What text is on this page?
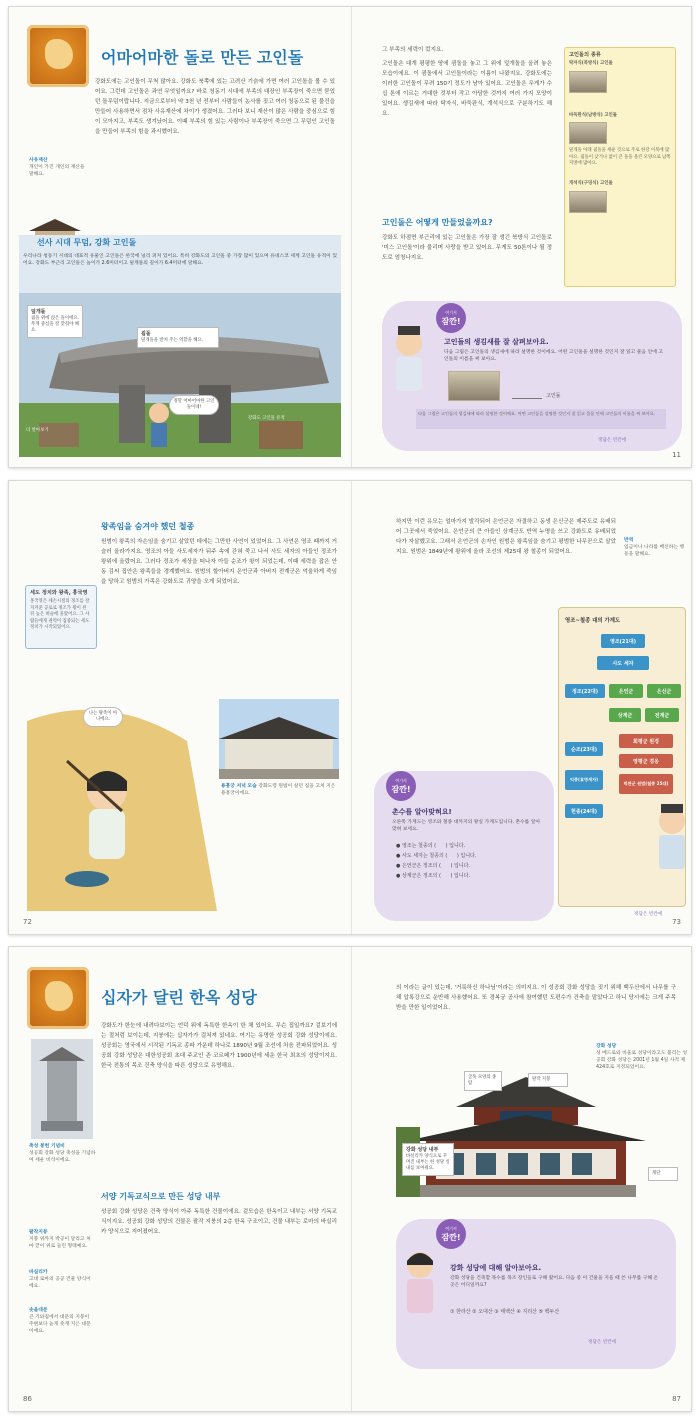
어마어마한 돌로 만든 고인돌
강화도에는 고인돌이 무척 많아요. 강화도 북쪽에 있는 고려산 기슭에 가면 여러 고인돌을 볼 수 있어요. 그런데 고인돌은 과연 무엇일까요? 바로 청동기 시대에 부족의 대장인 부족장이 죽으면 묻었던 돌무덤이랍니다. 지금으로부터 약 3천 년 전부터 사람들이 농사를 짓고 여러 청동으로 된 물건을 만들어 사용하면서 점차 사유재산에 차이가 생겼어요. 그러다 보니 재산이 많은 사람을 중심으로 힘이 모아지고, 부족도 생겨났어요. 이때 부족의 힘 있는 사람이나 부족장이 죽으면 그 무덤인 고인돌을 만들어 부족의 힘을 과시했어요.
사유재산
개인이 가진 개인의 재산을 말해요.
선사 시대 무덤, 강화 고인돌
우리나라 청동기 시대의 대표적 유물인 고인돌은 한국에 널리 퍼져 있어요. 특히 강화도의 고인돌 중 가장 많이 있으며 유네스코 세계 고인돌 유적이 있어요. 강화도 부근리 고인돌은 높이가 2.6미터이고 덮개돌의 길이가 6.4미터에 달해요.
덮개돌
굄돌 위에 얹은 돌이에요. 무게 중심을 잘 맞춰야 해요.
굄돌
덮개돌을 받쳐 주는 역할을 해요.
정말 어마어마한 고인돌이네!
더 알아보기
강화도 고인돌 유적
그 부족의 세력이 컸지요.
고인돌은 대개 평평한 땅에 굄돌을 놓고 그 위에 덮개돌을 올려 놓은 모습이에요. 이 굄돌에서 고인돌이라는 이름이 나왔지요. 강화도에는 이러한 고인돌이 무려 150기 정도가 남아 있어요. 고인돌은 무게가 수십 톤에 이르는 거대한 것부터 작고 아담한 것까지 여러 가지 모양이 있어요. 생김새에 따라 탁자식, 바둑판식, 개석식으로 구분하기도 해요.
고인돌은 어떻게 만들었을까요?
강화도 하점면 부근리에 있는 고인돌은 가장 잘 생긴 북방식 고인돌로 '미스 고인돌'이라 불리며 사랑을 받고 있어요. 무게도 50톤이나 될 정도로 엄청나지요.
고인돌의 종류
탁자식(북방식) 고인돌
바둑판식(남방식) 고인돌
덮개돌 아래 굄돌을 세운 것으로 주로 한강 이북에 많아요. 굄돌이 낮거나 없이 큰 돌을 올린 모양으로 남쪽 지방에 많아요.
개석식(구덩식) 고인돌
여기서
잠깐!
고인돌의 생김새를 잘 살펴보아요.
다음 그림은 고인돌의 생김새에 따라 설명한 것이에요. 어떤 고인돌을 설명한 것인지 잘 읽고 물음 안에 고인돌의 이름을 써 보아요.
고인돌
다음 그림은 고인돌의 생김새에 따라 설명한 것이에요. 어떤 고인돌을 설명한 것인지 잘 읽고 물음 안에 고인돌의 이름을 써 보아요.
정답은 빈칸에
11
왕족임을 숨겨야 했던 철종
원범이 왕족의 자손임을 숨기고 살았던 데에는 그만한 사연이 있었어요. 그 사연은 영조 때까지 거슬러 올라가지요. 영조의 아들 사도세자가 뒤주 속에 갇혀 죽고 나서 사도 세자의 아들인 정조가 왕위에 올랐어요. 그러다 정조가 세상을 떠나자 아들 순조가 왕이 되었는데, 이때 세력을 잡은 안동 김씨 집안은 왕족들을 경계했어요. 원범의 할아버지 은언군과 아버지 전계군은 억울하게 죽임을 당하고 원범의 가족은 강화도로 귀양을 오게 되었어요.
세도 정치와 왕족, 홍국영
홍국영은 세손시절의 정조를 잘 지켜준 공로로 정조가 왕이 된 뒤 높은 벼슬에 올랐어요. 그 사람들에게 권력이 집중되는 세도 정치가 시작되었어요.
나는 왕족이 아니에요.
용흥궁 저녁 모습 강화도령 원범이 살던 집을 고쳐 지은 용흥궁이에요.
72
하지만 이런 유모는 얼마가지 발각되어 은언군은 자결하고 동생 은신군은 제주도로 유배되어 그곳에서 죽었어요. 은언군의 큰 아들인 상계군도 반역 누명을 쓰고 강화도로 유배되었다가 자살했고요. 그래서 은언군의 손자인 원범은 왕족임을 숨기고 평범한 나무꾼으로 살았지요. 원범은 1849년에 왕위에 올라 조선의 제25대 왕 철종이 되었어요.
반역
임금이나 나라를 배신하는 행동을 말해요.
영조~철종 대의 가계도
영조(21대)
사도 세자
정조(22대)	은언군	은신군
상계군	전계군
회평군 원경
영평군 경응
덕완군 원범(철종 25대)
순조(23대)
익종(효명세자)
헌종(24대)
여기서
잠깐!
촌수를 알아맞혀요!
오른쪽 가계도는 영조와 철종 대까지의 왕실 가계도입니다. 촌수를 알아맞혀 보세요.
● 영조는 철종의 (      ) 입니다.
● 사도 세자는 철종의 (      ) 입니다.
● 은언군은 정조의 (      ) 입니다.
● 상계군은 정조의 (      ) 입니다.
정답은 빈칸에
73
십자가 달린 한옥 성당
강화도가 한눈에 내려다보이는 언덕 위에 독특한 한옥이 한 채 있어요. 무슨 집일까요? 겉보기에는 절처럼 보이는데, 지붕에는 십자가가 걸쳐져 있네요. 여기는 유명한 성공회 강화 성당이에요. 성공회는 영국에서 시작된 기독교 종파 가운데 하나로 1890년 9월 조선에 처음 전파되었어요. 성공회 강화 성당은 대한성공회 초대 주교인 존 코르페가 1900년에 세운 한국 최초의 성당이지요. 한국 전통의 목조 건축 양식을 따른 성당으로 유명해요.
축성 봉헌 기념비
성공회 강화 성당 축성을 기념하여 세운 비석이에요.
서양 기독교식으로 만든 성당 내부
성공회 강화 성당은 건축 양식이 아주 독특한 건물이에요. 겉모습은 한옥이고 내부는 서양 기독교식이지요. 성공회 강화 성당의 건물은 팔작 지붕의 2층 한옥 구조이고, 건물 내부는 로마의 바실리카 양식으로 지어졌어요.
팔작지붕
지붕 위까지 박공이 달리고 처마 끝이 위로 들린 형태예요.
바실리카
고대 로마의 공공 건물 양식이에요.
솟을대문
큰 기와집에서 대문의 지붕이 주변보다 높게 솟게 지은 대문이에요.
86
의 이라는 글이 있는데, '거룩하신 하나님'이라는 의미지요. 이 성공회 강화 성당을 짓기 위해 백두산에서 나무를 구해 압록강으로 운반해 사용했어요. 또 경복궁 공사에 참여했던 도편수가 건축을 맡았다고 하니 당시에는 크게 주목받을 만한 일이었어요.
강화 성당
성 베드로와 바울로 성당이라고도 불리는 성공회 강화 성당은 2001년 1월 4일 사적 제424호로 지정되었어요.
굴뚝 모양의 종탑
팔작 지붕
강화 성당 내부
바실리카 양식으로 꾸며진 내부는 한 성당 실내를 보여줘요.
계단
여기서
잠깐!
강화 성당에 대해 알아보아요.
강화 성당을 건축할 목수를 목조 장인들로 구해 왔어요. 다음 중 이 건물을 지을 때 쓴 나무를 구해 온 곳은 어디일까요?
① 한라산 ② 오대산 ③ 태백산 ④ 지리산 ⑤ 백두산
정답은 빈칸에
87
